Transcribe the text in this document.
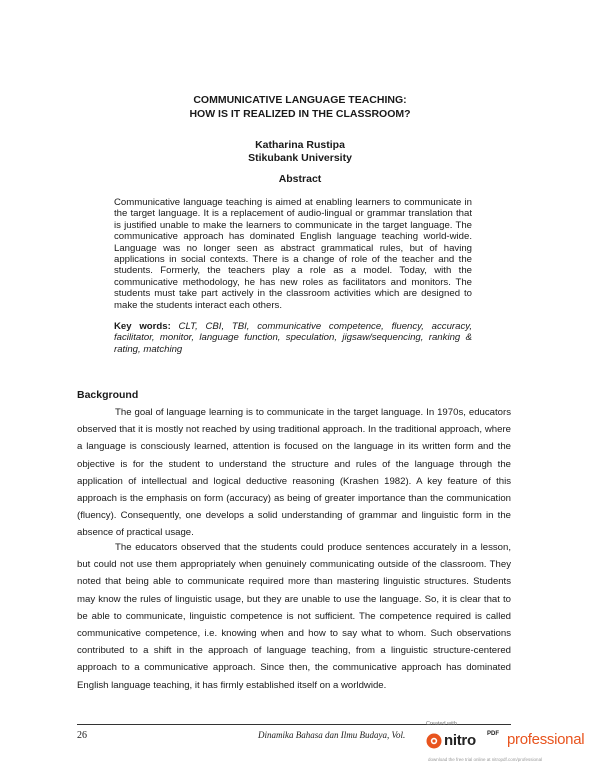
COMMUNICATIVE LANGUAGE TEACHING:
HOW IS IT REALIZED IN THE CLASSROOM?
Katharina Rustipa
Stikubank University
Abstract

Communicative language teaching is aimed at enabling learners to communicate in the target language. It is a replacement of audio-lingual or grammar translation that is justified unable to make the learners to communicate in the target language. The communicative approach has dominated English language teaching world-wide. Language was no longer seen as abstract grammatical rules, but of having applications in social contexts. There is a change of role of the teacher and the students. Formerly, the teachers play a role as a model. Today, with the communicative methodology, he has new roles as facilitators and monitors. The students must take part actively in the classroom activities which are designed to make the students interact each others.

Key words: CLT, CBI, TBI, communicative competence, fluency, accuracy, facilitator, monitor, language function, speculation, jigsaw/sequencing, ranking & rating, matching

Background

The goal of language learning is to communicate in the target language. In 1970s, educators observed that it is mostly not reached by using traditional approach. In the traditional approach, where a language is consciously learned, attention is focused on the language in its written form and the objective is for the student to understand the structure and rules of the language through the application of intellectual and logical deductive reasoning (Krashen 1982). A key feature of this approach is the emphasis on form (accuracy) as being of greater importance than the communication (fluency). Consequently, one develops a solid understanding of grammar and linguistic form in the absence of practical usage.

The educators observed that the students could produce sentences accurately in a lesson, but could not use them appropriately when genuinely communicating outside of the classroom. They noted that being able to communicate required more than mastering linguistic structures. Students may know the rules of linguistic usage, but they are unable to use the language. So, it is clear that to be able to communicate, linguistic competence is not sufficient. The competence required is called communicative competence, i.e. knowing when and how to say what to whom. Such observations contributed to a shift in the approach of language teaching, from a linguistic structure-centered approach to a communicative approach. Since then, the communicative approach has dominated English language teaching, it has firmly established itself on a worldwide.

26	Dinamika Bahasa dan Ilmu Budaya, Vol.
Created with
nitro PDF professional
download the free trial online at nitropdf.com/professional
